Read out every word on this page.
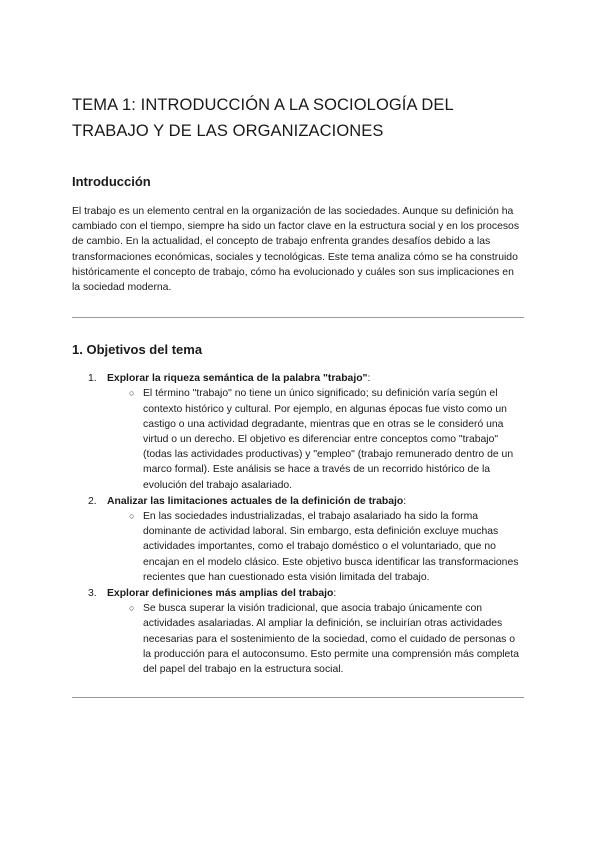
TEMA 1: INTRODUCCIÓN A LA SOCIOLOGÍA DEL TRABAJO Y DE LAS ORGANIZACIONES
Introducción

El trabajo es un elemento central en la organización de las sociedades. Aunque su definición ha cambiado con el tiempo, siempre ha sido un factor clave en la estructura social y en los procesos de cambio. En la actualidad, el concepto de trabajo enfrenta grandes desafíos debido a las transformaciones económicas, sociales y tecnológicas. Este tema analiza cómo se ha construido históricamente el concepto de trabajo, cómo ha evolucionado y cuáles son sus implicaciones en la sociedad moderna.

1. Objetivos del tema
1. Explorar la riqueza semántica de la palabra "trabajo":
○ El término "trabajo" no tiene un único significado; su definición varía según el contexto histórico y cultural. Por ejemplo, en algunas épocas fue visto como un castigo o una actividad degradante, mientras que en otras se le consideró una virtud o un derecho. El objetivo es diferenciar entre conceptos como "trabajo" (todas las actividades productivas) y "empleo" (trabajo remunerado dentro de un marco formal). Este análisis se hace a través de un recorrido histórico de la evolución del trabajo asalariado.
2. Analizar las limitaciones actuales de la definición de trabajo:
○ En las sociedades industrializadas, el trabajo asalariado ha sido la forma dominante de actividad laboral. Sin embargo, esta definición excluye muchas actividades importantes, como el trabajo doméstico o el voluntariado, que no encajan en el modelo clásico. Este objetivo busca identificar las transformaciones recientes que han cuestionado esta visión limitada del trabajo.
3. Explorar definiciones más amplias del trabajo:
○ Se busca superar la visión tradicional, que asocia trabajo únicamente con actividades asalariadas. Al ampliar la definición, se incluirían otras actividades necesarias para el sostenimiento de la sociedad, como el cuidado de personas o la producción para el autoconsumo. Esto permite una comprensión más completa del papel del trabajo en la estructura social.
